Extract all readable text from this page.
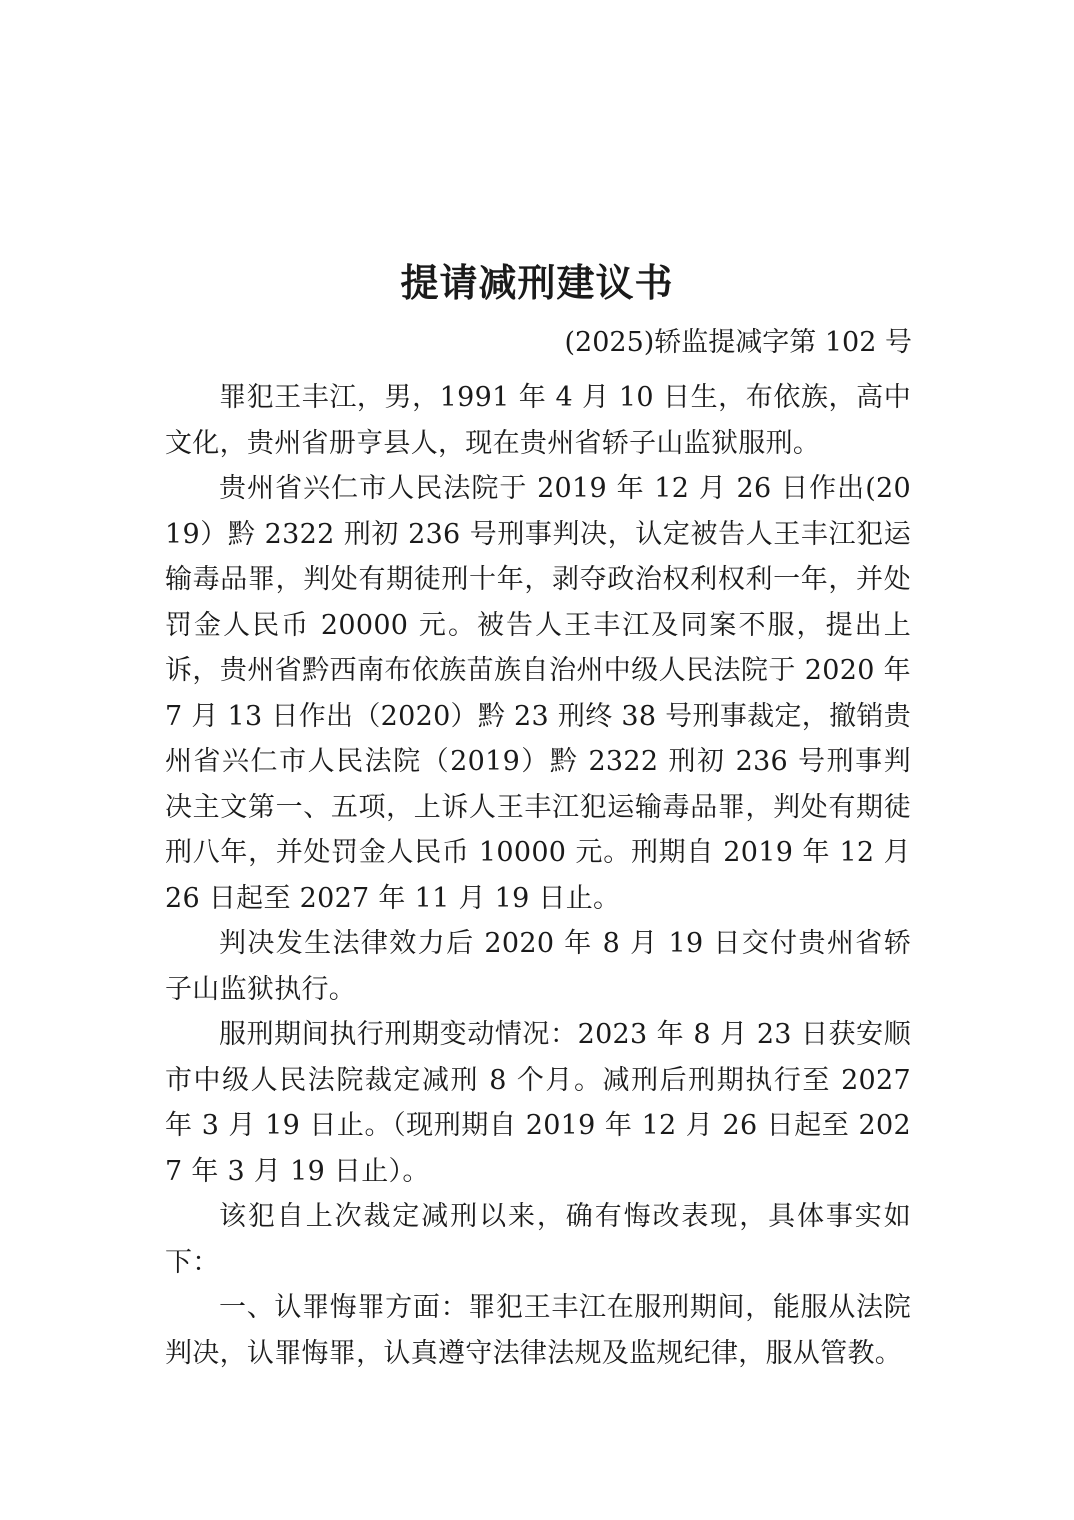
提请减刑建议书

(2025)轿监提减字第 102 号

罪犯王丰江，男，1991 年 4 月 10 日生，布依族，高中文化，贵州省册亨县人，现在贵州省轿子山监狱服刑。

贵州省兴仁市人民法院于 2019 年 12 月 26 日作出(2019）黔 2322 刑初 236 号刑事判决，认定被告人王丰江犯运输毒品罪，判处有期徒刑十年，剥夺政治权利权利一年，并处罚金人民币 20000 元。被告人王丰江及同案不服，提出上诉，贵州省黔西南布依族苗族自治州中级人民法院于 2020 年 7 月 13 日作出（2020）黔 23 刑终 38 号刑事裁定，撤销贵州省兴仁市人民法院（2019）黔 2322 刑初 236 号刑事判决主文第一、五项，上诉人王丰江犯运输毒品罪，判处有期徒刑八年，并处罚金人民币 10000 元。刑期自 2019 年 12 月 26 日起至 2027 年 11 月 19 日止。

判决发生法律效力后 2020 年 8 月 19 日交付贵州省轿子山监狱执行。

服刑期间执行刑期变动情况：2023 年 8 月 23 日获安顺市中级人民法院裁定减刑 8 个月。减刑后刑期执行至 2027 年 3 月 19 日止。（现刑期自 2019 年 12 月 26 日起至 2027 年 3 月 19 日止）。

该犯自上次裁定减刑以来，确有悔改表现，具体事实如下：

一、认罪悔罪方面：罪犯王丰江在服刑期间，能服从法院判决，认罪悔罪，认真遵守法律法规及监规纪律，服从管教。
